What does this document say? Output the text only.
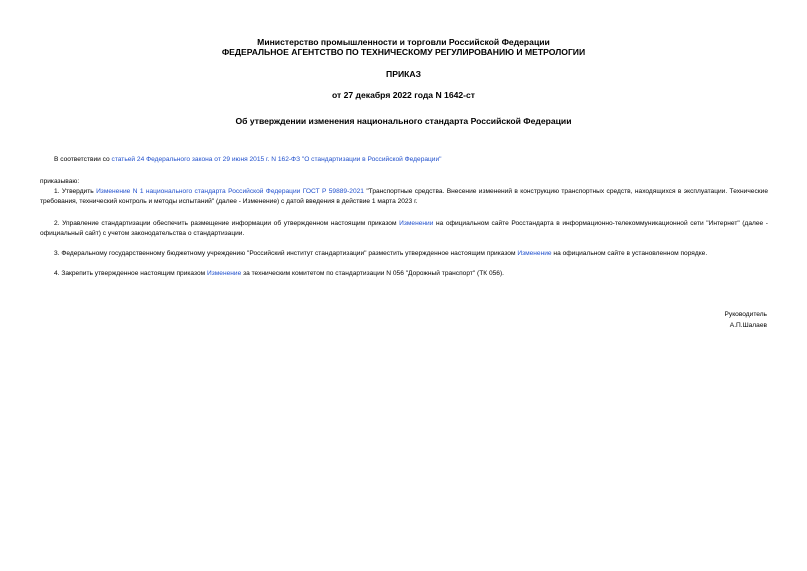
Министерство промышленности и торговли Российской Федерации
ФЕДЕРАЛЬНОЕ АГЕНТСТВО ПО ТЕХНИЧЕСКОМУ РЕГУЛИРОВАНИЮ И МЕТРОЛОГИИ
ПРИКАЗ
от 27 декабря 2022 года N 1642-ст
Об утверждении изменения национального стандарта Российской Федерации
В соответствии со статьей 24 Федерального закона от 29 июня 2015 г. N 162-ФЗ "О стандартизации в Российской Федерации"
приказываю:
1. Утвердить Изменение N 1 национального стандарта Российской Федерации ГОСТ Р 59889-2021 "Транспортные средства. Внесение изменений в конструкцию транспортных средств, находящихся в эксплуатации. Технические требования, технический контроль и методы испытаний" (далее - Изменение) с датой введения в действие 1 марта 2023 г.
2. Управление стандартизации обеспечить размещение информации об утвержденном настоящим приказом Изменении на официальном сайте Росстандарта в информационно-телекоммуникационной сети "Интернет" (далее - официальный сайт) с учетом законодательства о стандартизации.
3. Федеральному государственному бюджетному учреждению "Российский институт стандартизации" разместить утвержденное настоящим приказом Изменение на официальном сайте в установленном порядке.
4. Закрепить утвержденное настоящим приказом Изменение за техническим комитетом по стандартизации N 056 "Дорожный транспорт" (ТК 056).
Руководитель
А.П.Шалаев
